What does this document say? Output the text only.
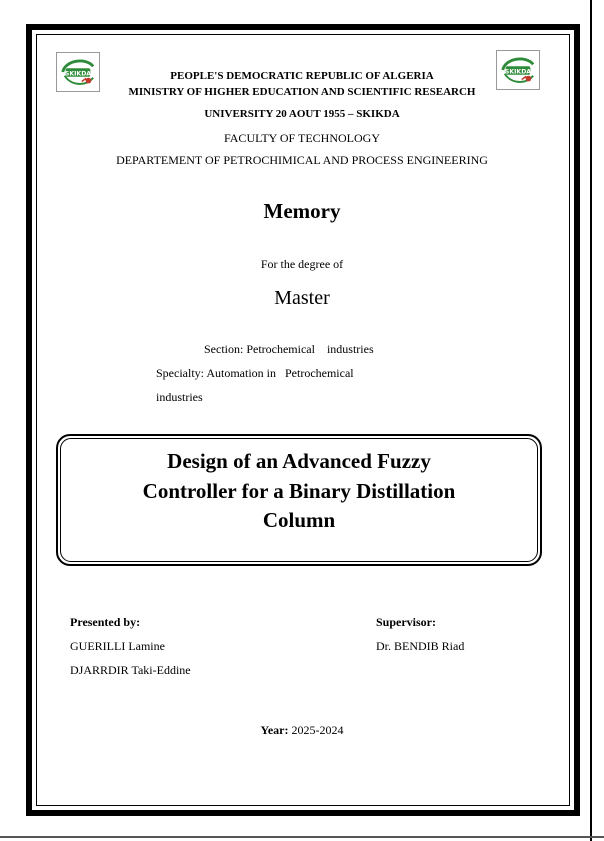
SKIKDA	SKIKDA
PEOPLE'S DEMOCRATIC REPUBLIC OF ALGERIA
MINISTRY OF HIGHER EDUCATION AND SCIENTIFIC RESEARCH
UNIVERSITY 20 AOUT 1955 – SKIKDA
FACULTY OF TECHNOLOGY
DEPARTEMENT OF PETROCHIMICAL AND PROCESS ENGINEERING
Memory
For the degree of
Master
Section: Petrochemical    industries
Specialty: Automation in   Petrochemical
industries
Design of an Advanced Fuzzy
Controller for a Binary Distillation
Column
Presented by:
GUERILLI Lamine
DJARRDIR Taki-Eddine
Supervisor:
Dr. BENDIB Riad
Year: 2025-2024
